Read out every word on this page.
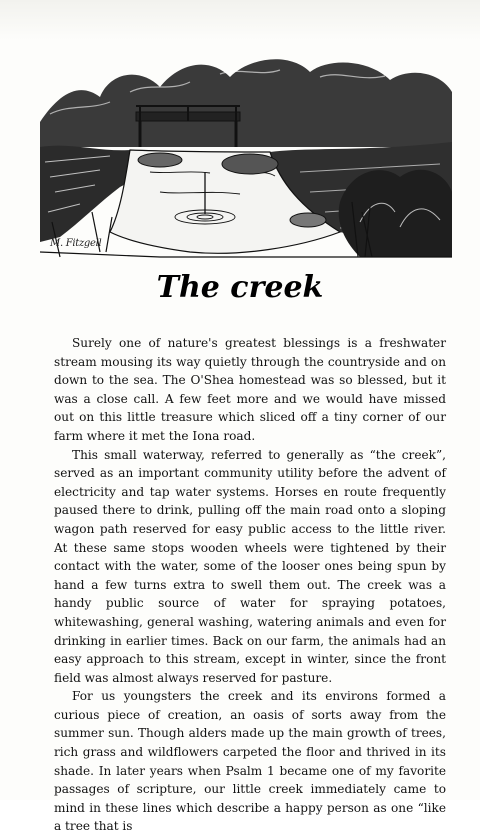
M. Fitzgell
The creek

Surely one of nature's greatest blessings is a freshwater stream mousing its way quietly through the countryside and on down to the sea. The O'Shea homestead was so blessed, but it was a close call. A few feet more and we would have missed out on this little treasure which sliced off a tiny corner of our farm where it met the Iona road.

This small waterway, referred to generally as “the creek”, served as an important community utility before the advent of electricity and tap water systems. Horses en route frequently paused there to drink, pulling off the main road onto a sloping wagon path reserved for easy public access to the little river. At these same stops wooden wheels were tightened by their contact with the water, some of the looser ones being spun by hand a few turns extra to swell them out. The creek was a handy public source of water for spraying potatoes, whitewashing, general washing, watering animals and even for drinking in earlier times. Back on our farm, the animals had an easy approach to this stream, except in winter, since the front field was almost always reserved for pasture.

For us youngsters the creek and its environs formed a curious piece of creation, an oasis of sorts away from the summer sun. Though alders made up the main growth of trees, rich grass and wildflowers carpeted the floor and thrived in its shade. In later years when Psalm 1 became one of my favorite passages of scripture, our little creek immediately came to mind in these lines which describe a happy person as one “like a tree that is
